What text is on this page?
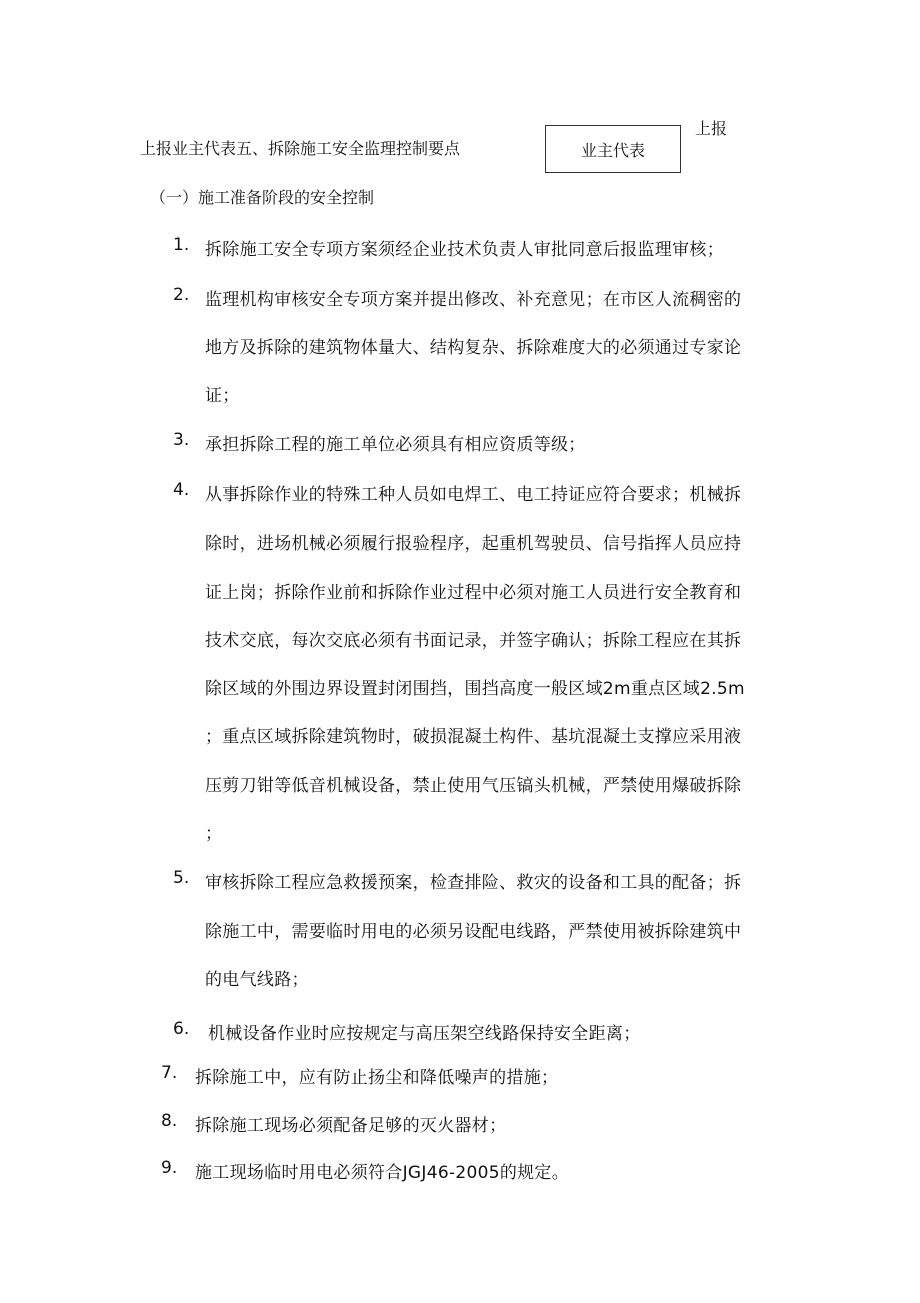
上报
上报业主代表五、拆除施工安全监理控制要点	业主代表
（一）施工准备阶段的安全控制
1. 拆除施工安全专项方案须经企业技术负责人审批同意后报监理审核；
2. 监理机构审核安全专项方案并提出修改、补充意见；在市区人流稠密的
地方及拆除的建筑物体量大、结构复杂、拆除难度大的必须通过专家论
证；
3. 承担拆除工程的施工单位必须具有相应资质等级；
4. 从事拆除作业的特殊工种人员如电焊工、电工持证应符合要求；机械拆
除时，进场机械必须履行报验程序，起重机驾驶员、信号指挥人员应持
证上岗；拆除作业前和拆除作业过程中必须对施工人员进行安全教育和
技术交底，每次交底必须有书面记录，并签字确认；拆除工程应在其拆
除区域的外围边界设置封闭围挡，围挡高度一般区域2m重点区域2.5m
；重点区域拆除建筑物时，破损混凝土构件、基坑混凝土支撑应采用液
压剪刀钳等低音机械设备，禁止使用气压镐头机械，严禁使用爆破拆除
；
5. 审核拆除工程应急救援预案，检查排险、救灾的设备和工具的配备；拆
除施工中，需要临时用电的必须另设配电线路，严禁使用被拆除建筑中
的电气线路；
6. 机械设备作业时应按规定与高压架空线路保持安全距离；
7. 拆除施工中，应有防止扬尘和降低噪声的措施；
8. 拆除施工现场必须配备足够的灭火器材；
9. 施工现场临时用电必须符合JGJ46-2005的规定。
